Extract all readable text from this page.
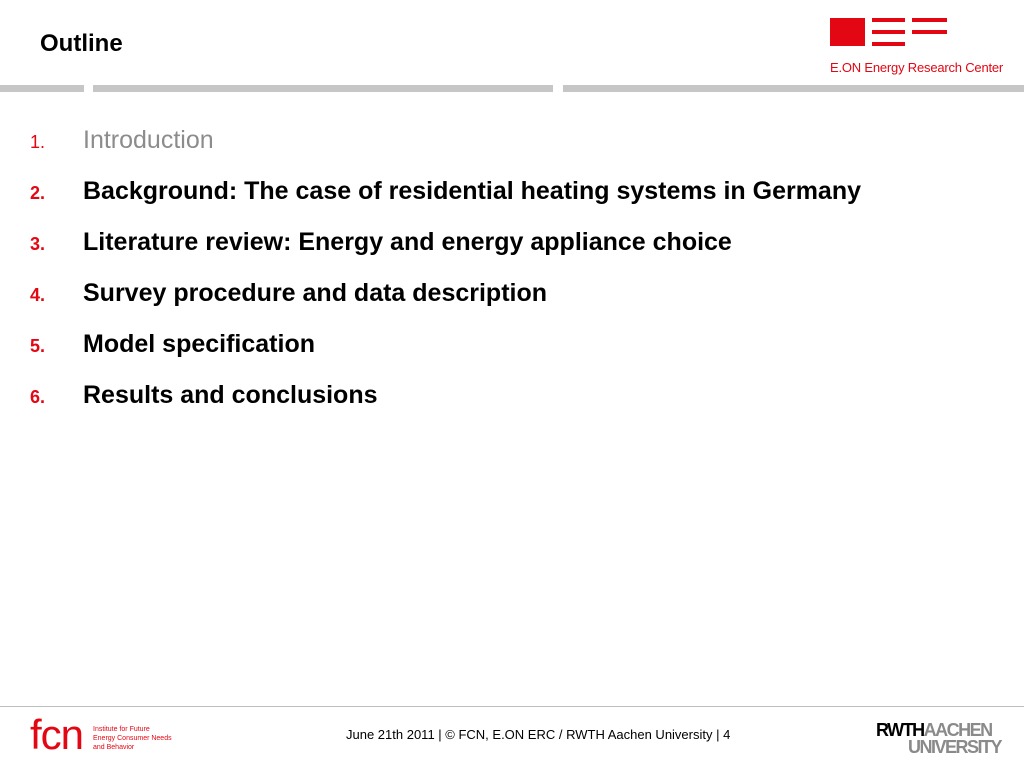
Outline
E.ON Energy Research Center
1.	Introduction
2.	Background: The case of residential heating systems in Germany
3.	Literature review: Energy and energy appliance choice
4.	Survey procedure and data description
5.	Model specification
6.	Results and conclusions
fcn Institute for Future
Energy Consumer Needs
and Behavior
June 21th 2011 | © FCN, E.ON ERC / RWTH Aachen University | 4	RWTHAACHEN
UNIVERSITY
